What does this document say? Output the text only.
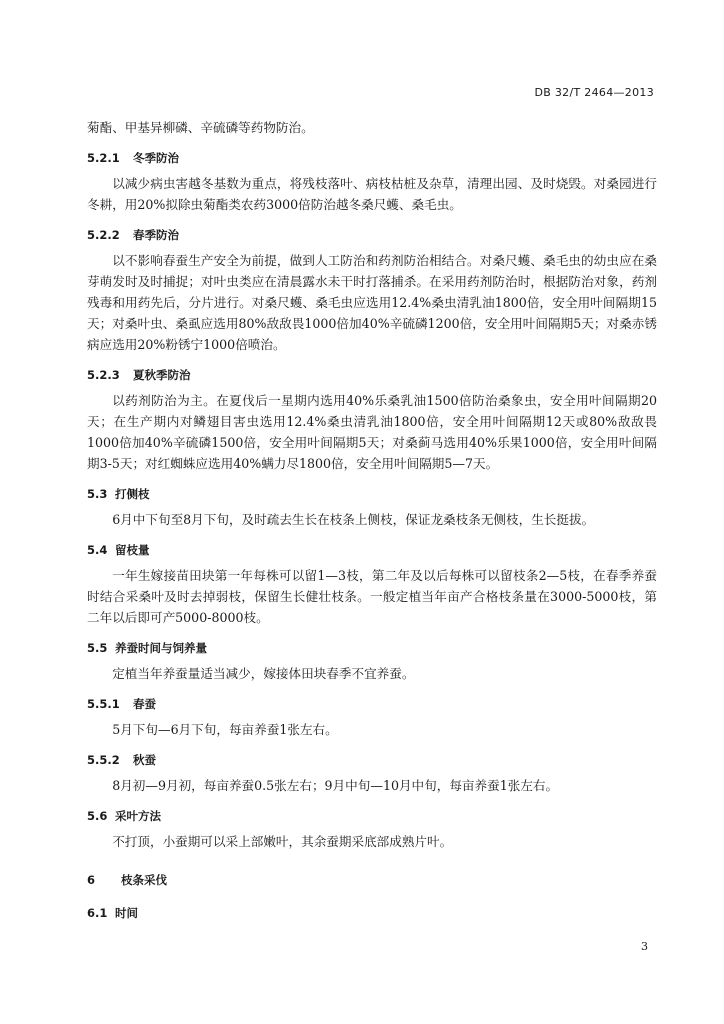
DB 32/T 2464—2013

菊酯、甲基异柳磷、辛硫磷等药物防治。

5.2.1	冬季防治

以减少病虫害越冬基数为重点，将残枝落叶、病枝枯桩及杂草，清理出园、及时烧毁。对桑园进行冬耕，用20%拟除虫菊酯类农药3000倍防治越冬桑尺蠖、桑毛虫。

5.2.2	春季防治

以不影响春蚕生产安全为前提，做到人工防治和药剂防治相结合。对桑尺蠖、桑毛虫的幼虫应在桑芽萌发时及时捕捉；对叶虫类应在清晨露水未干时打落捕杀。在采用药剂防治时，根据防治对象，药剂残毒和用药先后，分片进行。对桑尺蠖、桑毛虫应选用12.4%桑虫清乳油1800倍，安全用叶间隔期15天；对桑叶虫、桑虱应选用80%敌敌畏1000倍加40%辛硫磷1200倍，安全用叶间隔期5天；对桑赤锈病应选用20%粉锈宁1000倍喷治。

5.2.3	夏秋季防治

以药剂防治为主。在夏伐后一星期内选用40%乐桑乳油1500倍防治桑象虫，安全用叶间隔期20天；在生产期内对鳞翅目害虫选用12.4%桑虫清乳油1800倍，安全用叶间隔期12天或80%敌敌畏1000倍加40%辛硫磷1500倍，安全用叶间隔期5天；对桑蓟马选用40%乐果1000倍，安全用叶间隔期3-5天；对红蜘蛛应选用40%螨力尽1800倍，安全用叶间隔期5—7天。

5.3 打侧枝

6月中下旬至8月下旬，及时疏去生长在枝条上侧枝，保证龙桑枝条无侧枝，生长挺拔。

5.4 留枝量

一年生嫁接苗田块第一年每株可以留1—3枝，第二年及以后每株可以留枝条2—5枝，在春季养蚕时结合采桑叶及时去掉弱枝，保留生长健壮枝条。一般定植当年亩产合格枝条量在3000-5000枝，第二年以后即可产5000-8000枝。

5.5 养蚕时间与饲养量

定植当年养蚕量适当减少，嫁接体田块春季不宜养蚕。

5.5.1	春蚕

5月下旬—6月下旬，每亩养蚕1张左右。

5.5.2	秋蚕

8月初—9月初，每亩养蚕0.5张左右；9月中旬—10月中旬，每亩养蚕1张左右。

5.6 采叶方法

不打顶，小蚕期可以采上部嫩叶，其余蚕期采底部成熟片叶。

6	枝条采伐
6.1 时间
3
